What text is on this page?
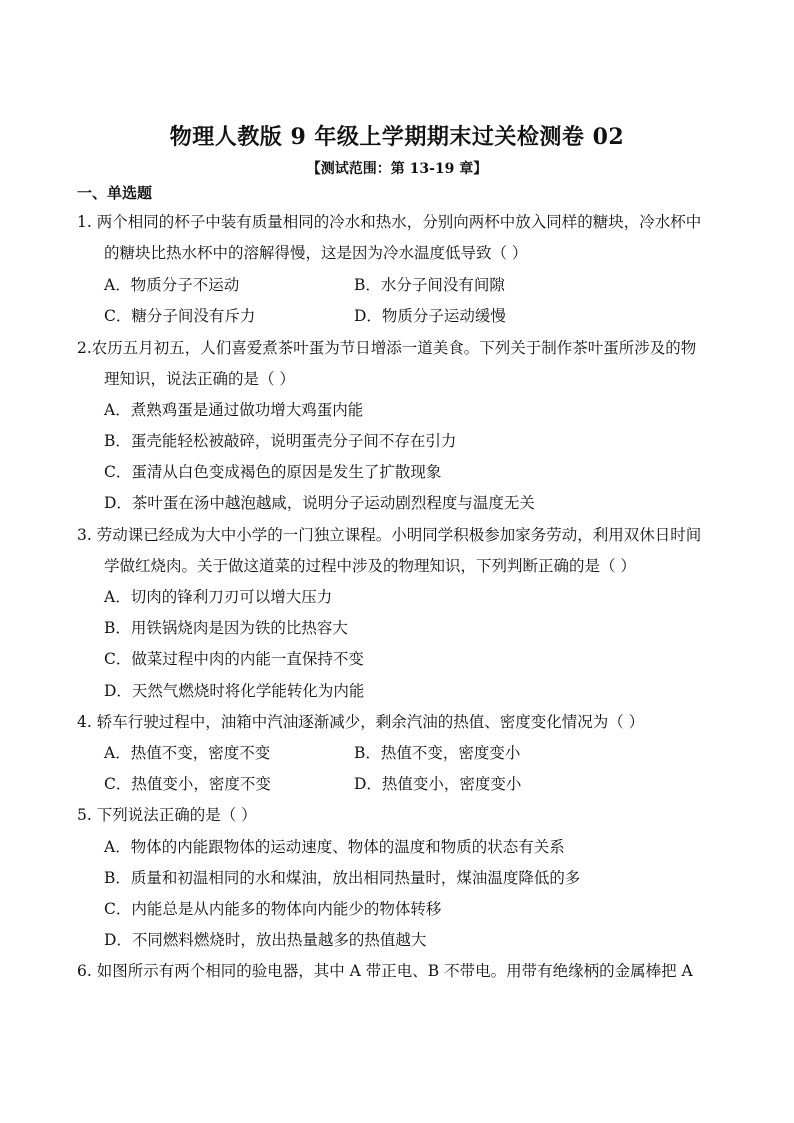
物理人教版 9 年级上学期期末过关检测卷 02
【测试范围：第 13-19 章】
一、单选题
1. 两个相同的杯子中装有质量相同的冷水和热水，分别向两杯中放入同样的糖块，冷水杯中
的糖块比热水杯中的溶解得慢，这是因为冷水温度低导致（ ）
A．物质分子不运动	B．水分子间没有间隙
C．糖分子间没有斥力	D．物质分子运动缓慢
2.农历五月初五，人们喜爱煮茶叶蛋为节日增添一道美食。下列关于制作茶叶蛋所涉及的物
理知识，说法正确的是（ ）
A．煮熟鸡蛋是通过做功增大鸡蛋内能
B．蛋壳能轻松被敲碎，说明蛋壳分子间不存在引力
C．蛋清从白色变成褐色的原因是发生了扩散现象
D．茶叶蛋在汤中越泡越咸，说明分子运动剧烈程度与温度无关
3. 劳动课已经成为大中小学的一门独立课程。小明同学积极参加家务劳动，利用双休日时间
学做红烧肉。关于做这道菜的过程中涉及的物理知识，下列判断正确的是（ ）
A．切肉的锋利刀刃可以增大压力
B．用铁锅烧肉是因为铁的比热容大
C．做菜过程中肉的内能一直保持不变
D．天然气燃烧时将化学能转化为内能
4. 轿车行驶过程中，油箱中汽油逐渐减少，剩余汽油的热值、密度变化情况为（ ）
A．热值不变，密度不变	B．热值不变，密度变小
C．热值变小，密度不变	D．热值变小，密度变小
5. 下列说法正确的是（ ）
A．物体的内能跟物体的运动速度、物体的温度和物质的状态有关系
B．质量和初温相同的水和煤油，放出相同热量时，煤油温度降低的多
C．内能总是从内能多的物体向内能少的物体转移
D．不同燃料燃烧时，放出热量越多的热值越大
6. 如图所示有两个相同的验电器，其中 A 带正电、B 不带电。用带有绝缘柄的金属棒把 A
